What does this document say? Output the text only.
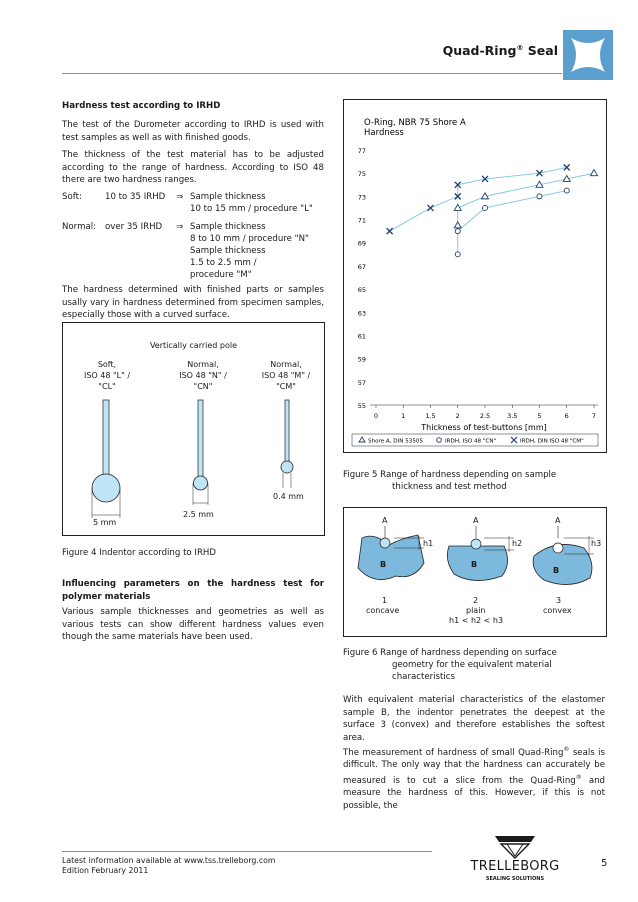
Quad-Ring® Seal
Hardness test according to IRHD
The test of the Durometer according to IRHD is used with test samples as well as with finished goods.
The thickness of the test material has to be adjusted according to the range of hardness. According to ISO 48 there are two hardness ranges.
Soft:	10 to 35 IRHD ⇒ Sample thickness
10 to 15 mm / procedure "L"
Normal: over 35 IRHD ⇒ Sample thickness
8 to 10 mm / procedure "N"
Sample thickness
1.5 to 2.5 mm /
procedure "M"
The hardness determined with finished parts or samples usally vary in hardness determined from specimen samples, especially those with a curved surface.
Vertically carried pole
Soft,
ISO 48 "L" /
"CL"
Normal,
ISO 48 "N" /
"CN"
Normal,
ISO 48 "M" /
"CM"
5 mm
2.5 mm
0.4 mm
Figure 4 Indentor according to IRHD
Influencing parameters on the hardness test for polymer materials
Various sample thicknesses and geometries as well as various tests can show different hardness values even though the same materials have been used.
O-Ring, NBR 75 Shore A
Hardness
55
57
59
61
63
65
67
69
71
73
75
77
0	1	1.5	2	2.5	3.5	5	6	7
Thickness of test-buttons [mm]
Shore A, DIN 53505	IRDH, ISO 48 "CN"	IRDH, DIN ISO 48 "CM"
Figure 5 Range of hardness depending on sample
thickness and test method
A	A	A
B	B
B
h1	h2	h3
1	2	3
concave	plain	convex
h1 < h2 < h3
Figure 6 Range of hardness depending on surface
geometry for the equivalent material
characteristics
With equivalent material characteristics of the elastomer sample B, the indentor penetrates the deepest at the surface 3 (convex) and therefore establishes the softest area.
The measurement of hardness of small Quad-Ring® seals is difficult. The only way that the hardness can accurately be measured is to cut a slice from the Quad-Ring® and measure the hardness of this. However, if this is not possible, the
Latest information available at www.tss.trelleborg.com
Edition February 2011	TRELLEBORG
SEALING SOLUTIONS
5
